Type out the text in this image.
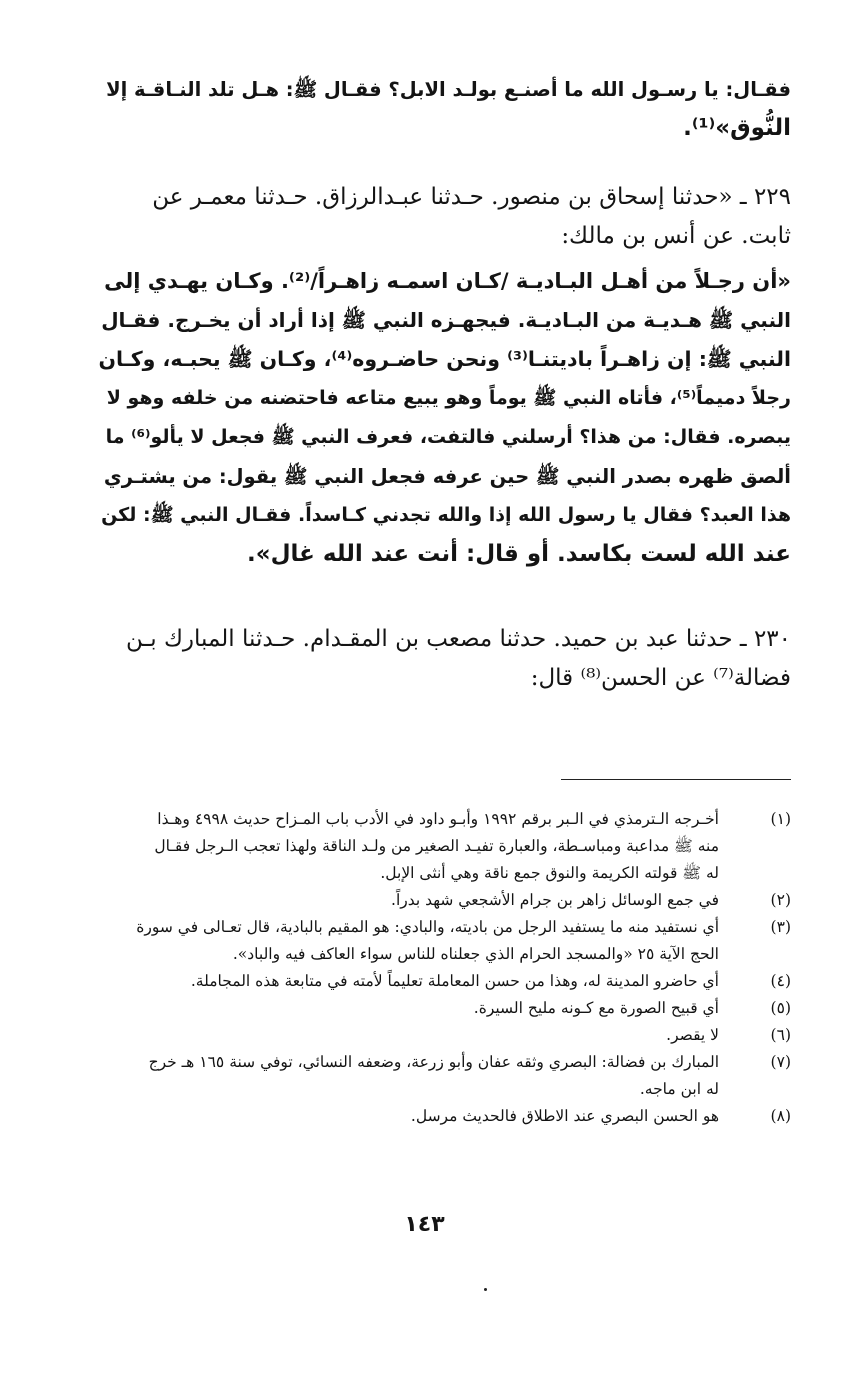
فقـال: يا رسـول الله ما أصنـع بولـد الابل؟ فقـال ﷺ: هـل تلد النـاقـة إلا
النُّوق»⁽¹⁾.
٢٢٩ ـ «حدثنا إسحاق بن منصور. حـدثنا عبـدالرزاق. حـدثنا معمـر عن
ثابت. عن أنس بن مالك:
«أن رجـلاً من أهـل البـاديـة /كـان اسمـه زاهـراً/⁽²⁾. وكـان يهـدي إلى
النبي ﷺ هـديـة من البـاديـة. فيجهـزه النبي ﷺ إذا أراد أن يخـرج. فقـال
النبي ﷺ: إن زاهـراً باديتنـا⁽³⁾ ونحن حاضـروه⁽⁴⁾، وكـان ﷺ يحبـه، وكـان
رجلاً دميماً⁽⁵⁾، فأتاه النبي ﷺ يوماً وهو يبيع متاعه فاحتضنه من خلفه وهو لا
يبصره. فقال: من هذا؟ أرسلني فالتفت، فعرف النبي ﷺ فجعل لا يألو⁽⁶⁾ ما
ألصق ظهره بصدر النبي ﷺ حين عرفه فجعل النبي ﷺ يقول: من يشتـري
هذا العبد؟ فقال يا رسول الله إذا والله تجدني كـاسداً. فقـال النبي ﷺ: لكن
عند الله لست بكاسد. أو قال: أنت عند الله غال».
٢٣٠ ـ حدثنا عبد بن حميد. حدثنا مصعب بن المقـدام. حـدثنا المبارك بـن
فضالة⁽⁷⁾ عن الحسن⁽⁸⁾ قال:
(١)
أخـرجه الـترمذي في الـبر برقم ١٩٩٢ وأبـو داود في الأدب باب المـزاح حديث ٤٩٩٨ وهـذا
منه ﷺ مداعبة ومباسـطة، والعبارة تفيـد الصغير من ولـد الناقة ولهذا تعجب الـرجل فقـال
له ﷺ قولته الكريمة والنوق جمع ناقة وهي أنثى الإبل.
(٢)
في جمع الوسائل زاهر بن جرام الأشجعي شهد بدراً.
(٣)
أي نستفيد منه ما يستفيد الرجل من باديته، والبادي: هو المقيم بالبادية، قال تعـالى في سورة
الحج الآية ٢٥ «والمسجد الحرام الذي جعلناه للناس سواء العاكف فيه والباد».
(٤)
أي حاضرو المدينة له، وهذا من حسن المعاملة تعليماً لأمته في متابعة هذه المجاملة.
(٥)
أي قبيح الصورة مع كـونه مليح السيرة.
(٦)
لا يقصر.
(٧)
المبارك بن فضالة: البصري وثقه عفان وأبو زرعة، وضعفه النسائي، توفي سنة ١٦٥ هـ خرج
له ابن ماجه.
(٨)
هو الحسن البصري عند الاطلاق فالحديث مرسل.
١٤٣
